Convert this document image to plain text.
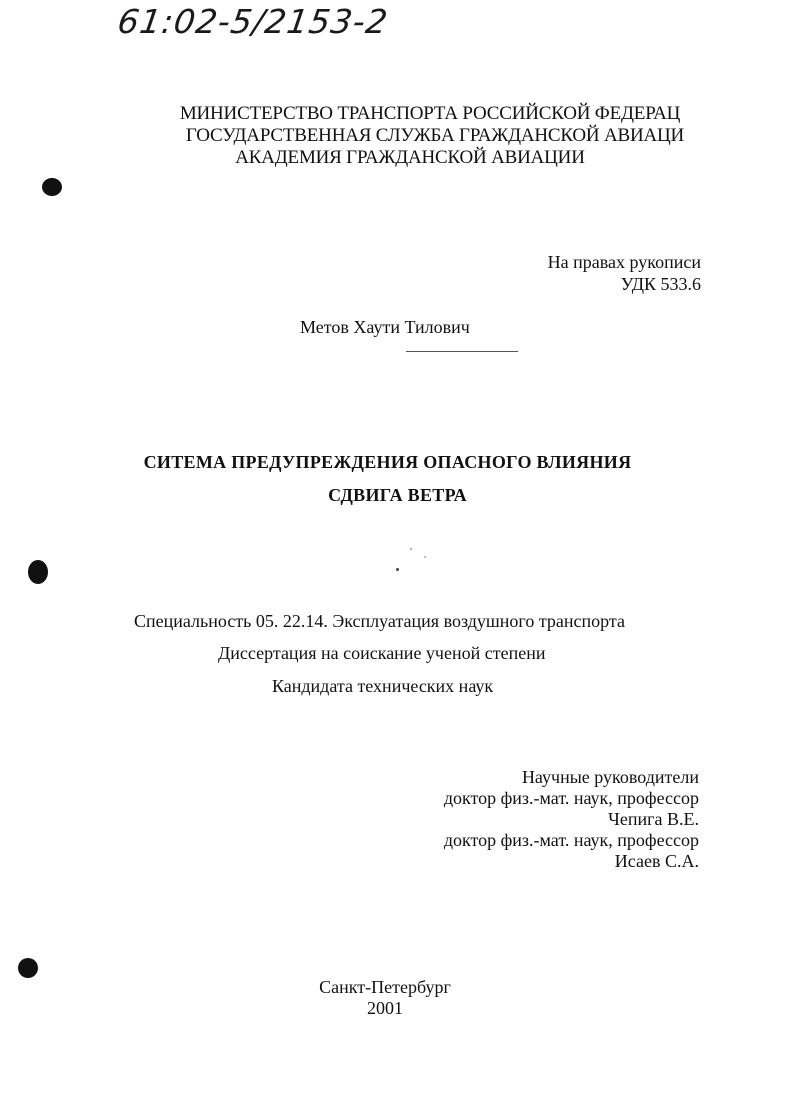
61:02-5/2153-2
МИНИСТЕРСТВО ТРАНСПОРТА РОССИЙСКОЙ ФЕДЕРАЦ
ГОСУДАРСТВЕННАЯ СЛУЖБА ГРАЖДАНСКОЙ АВИАЦИ
АКАДЕМИЯ ГРАЖДАНСКОЙ АВИАЦИИ
На правах рукописи
УДК 533.6
Метов Хаути Тилович
СИТЕМА ПРЕДУПРЕЖДЕНИЯ ОПАСНОГО ВЛИЯНИЯ
СДВИГА ВЕТРА
Специальность 05. 22.14. Эксплуатация воздушного транспорта
Диссертация на соискание ученой степени
Кандидата технических наук
Научные руководители
доктор физ.-мат. наук, профессор
Чепига В.Е.
доктор физ.-мат. наук, профессор
Исаев С.А.
Санкт-Петербург
2001
